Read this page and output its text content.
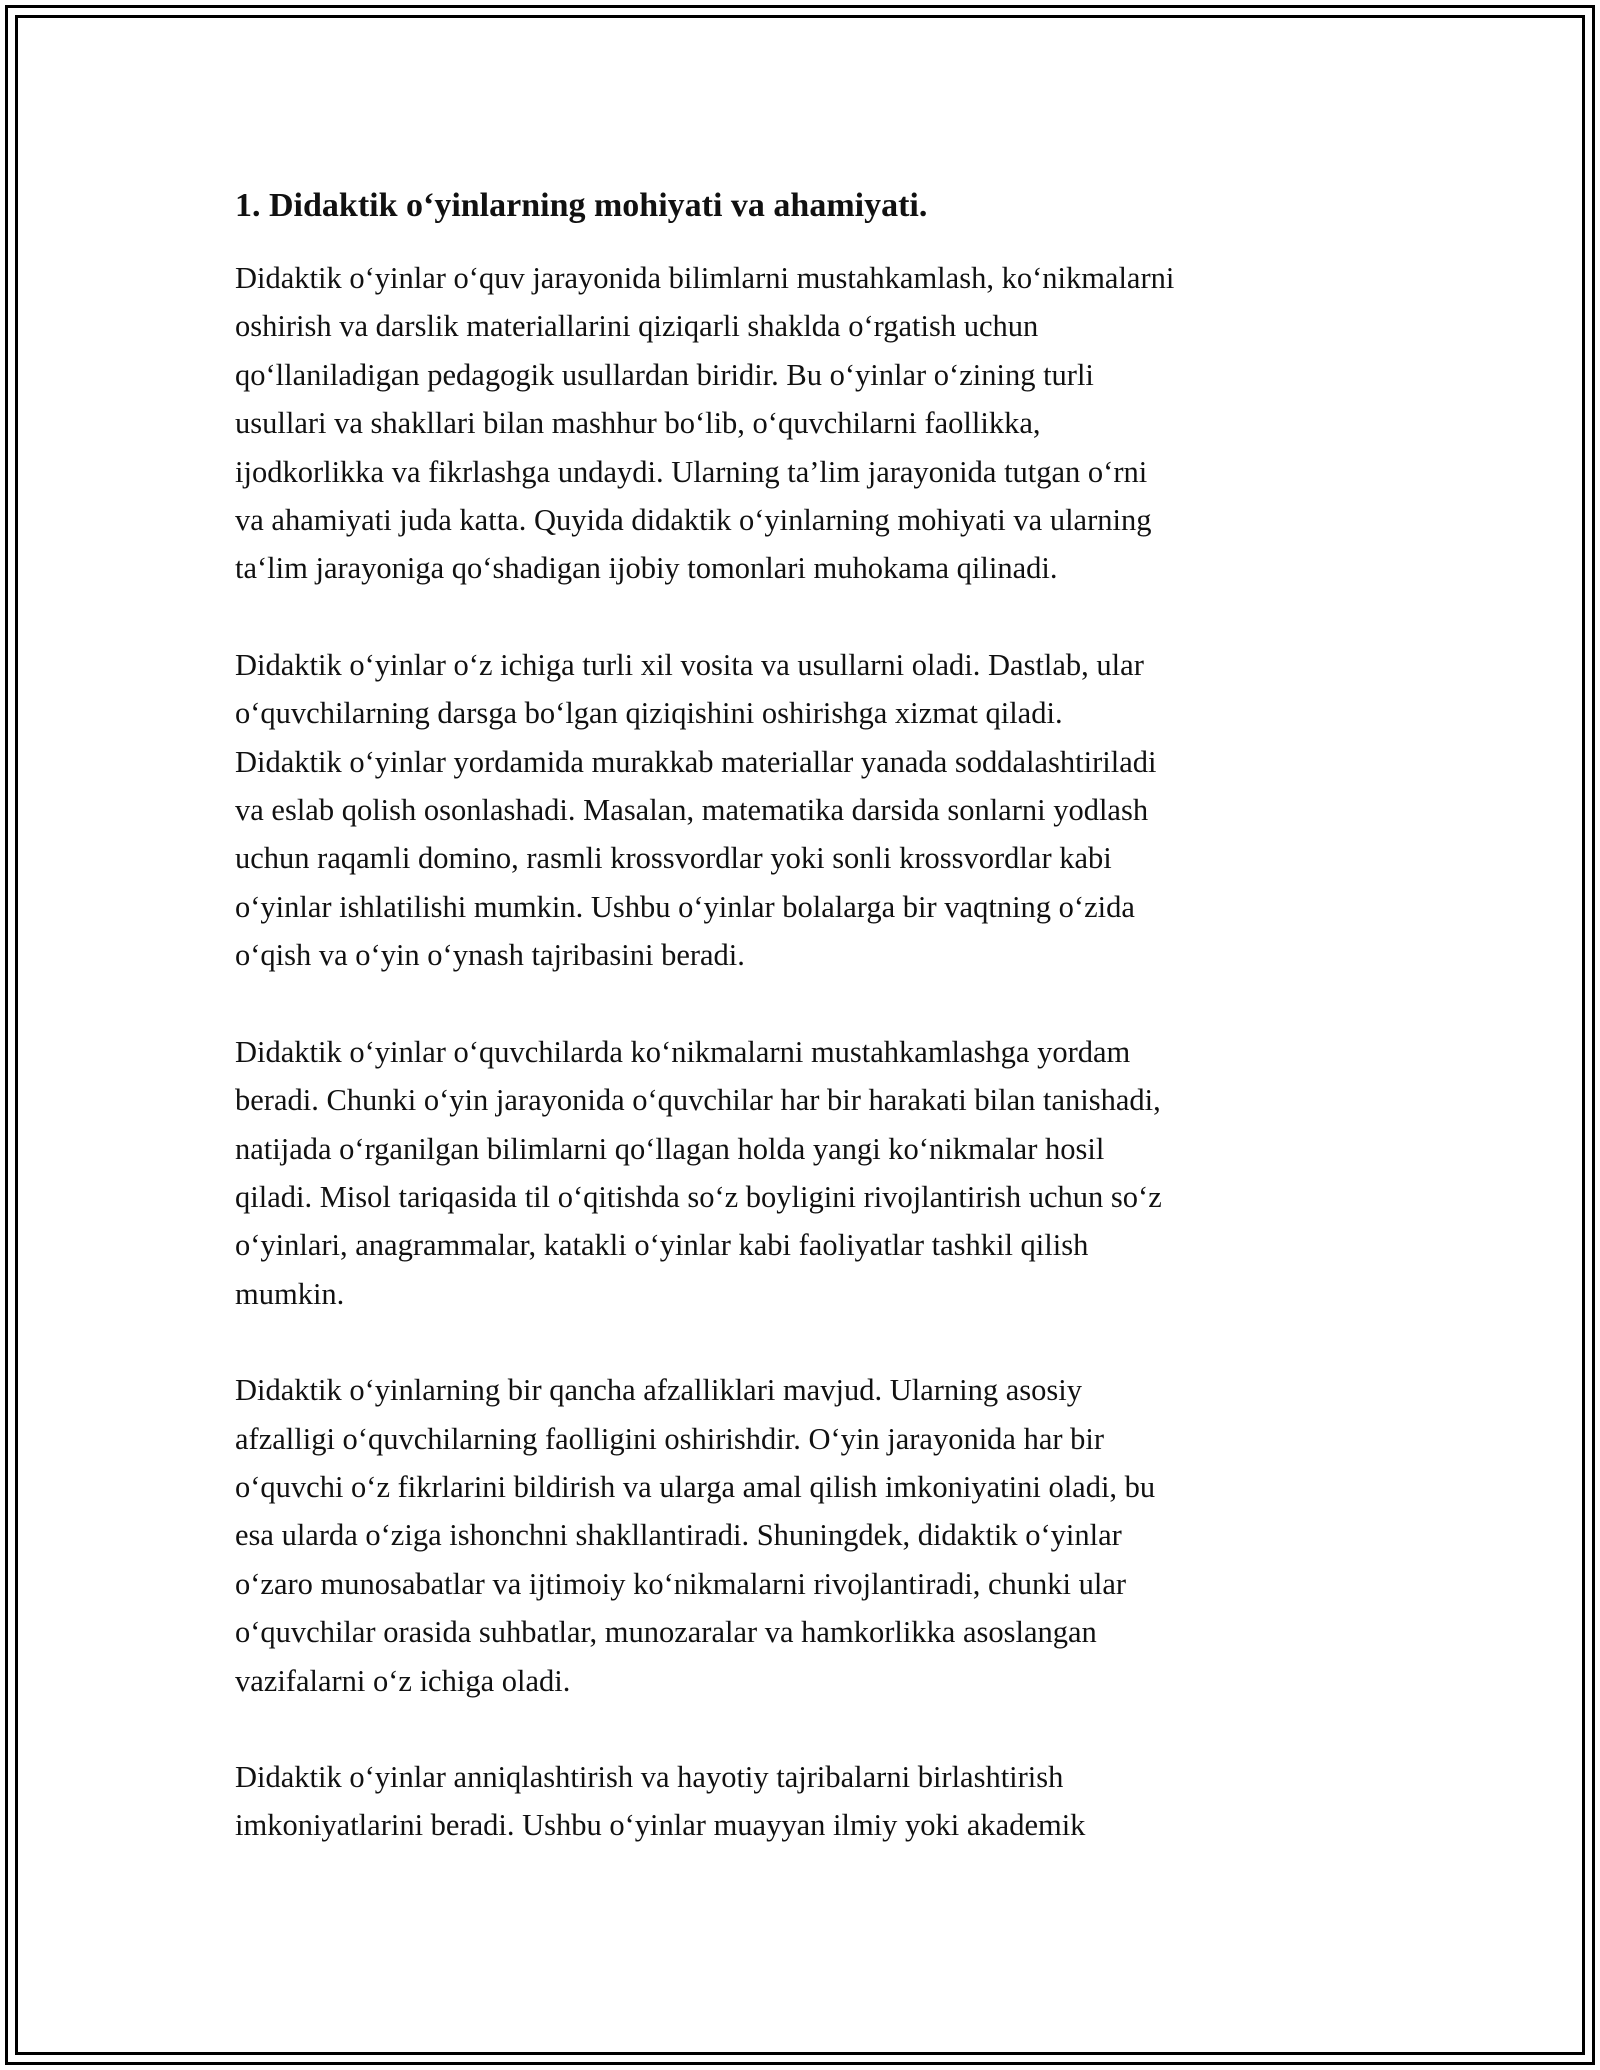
1. Didaktik o‘yinlarning mohiyati va ahamiyati.

Didaktik o‘yinlar o‘quv jarayonida bilimlarni mustahkamlash, ko‘nikmalarni
oshirish va darslik materiallarini qiziqarli shaklda o‘rgatish uchun
qo‘llaniladigan pedagogik usullardan biridir. Bu o‘yinlar o‘zining turli
usullari va shakllari bilan mashhur bo‘lib, o‘quvchilarni faollikka,
ijodkorlikka va fikrlashga undaydi. Ularning ta’lim jarayonida tutgan o‘rni
va ahamiyati juda katta. Quyida didaktik o‘yinlarning mohiyati va ularning
ta‘lim jarayoniga qo‘shadigan ijobiy tomonlari muhokama qilinadi.

Didaktik o‘yinlar o‘z ichiga turli xil vosita va usullarni oladi. Dastlab, ular
o‘quvchilarning darsga bo‘lgan qiziqishini oshirishga xizmat qiladi.
Didaktik o‘yinlar yordamida murakkab materiallar yanada soddalashtiriladi
va eslab qolish osonlashadi. Masalan, matematika darsida sonlarni yodlash
uchun raqamli domino, rasmli krossvordlar yoki sonli krossvordlar kabi
o‘yinlar ishlatilishi mumkin. Ushbu o‘yinlar bolalarga bir vaqtning o‘zida
o‘qish va o‘yin o‘ynash tajribasini beradi.

Didaktik o‘yinlar o‘quvchilarda ko‘nikmalarni mustahkamlashga yordam
beradi. Chunki o‘yin jarayonida o‘quvchilar har bir harakati bilan tanishadi,
natijada o‘rganilgan bilimlarni qo‘llagan holda yangi ko‘nikmalar hosil
qiladi. Misol tariqasida til o‘qitishda so‘z boyligini rivojlantirish uchun so‘z
o‘yinlari, anagrammalar, katakli o‘yinlar kabi faoliyatlar tashkil qilish
mumkin.

Didaktik o‘yinlarning bir qancha afzalliklari mavjud. Ularning asosiy
afzalligi o‘quvchilarning faolligini oshirishdir. O‘yin jarayonida har bir
o‘quvchi o‘z fikrlarini bildirish va ularga amal qilish imkoniyatini oladi, bu
esa ularda o‘ziga ishonchni shakllantiradi. Shuningdek, didaktik o‘yinlar
o‘zaro munosabatlar va ijtimoiy ko‘nikmalarni rivojlantiradi, chunki ular
o‘quvchilar orasida suhbatlar, munozaralar va hamkorlikka asoslangan
vazifalarni o‘z ichiga oladi.

Didaktik o‘yinlar anniqlashtirish va hayotiy tajribalarni birlashtirish
imkoniyatlarini beradi. Ushbu o‘yinlar muayyan ilmiy yoki akademik
